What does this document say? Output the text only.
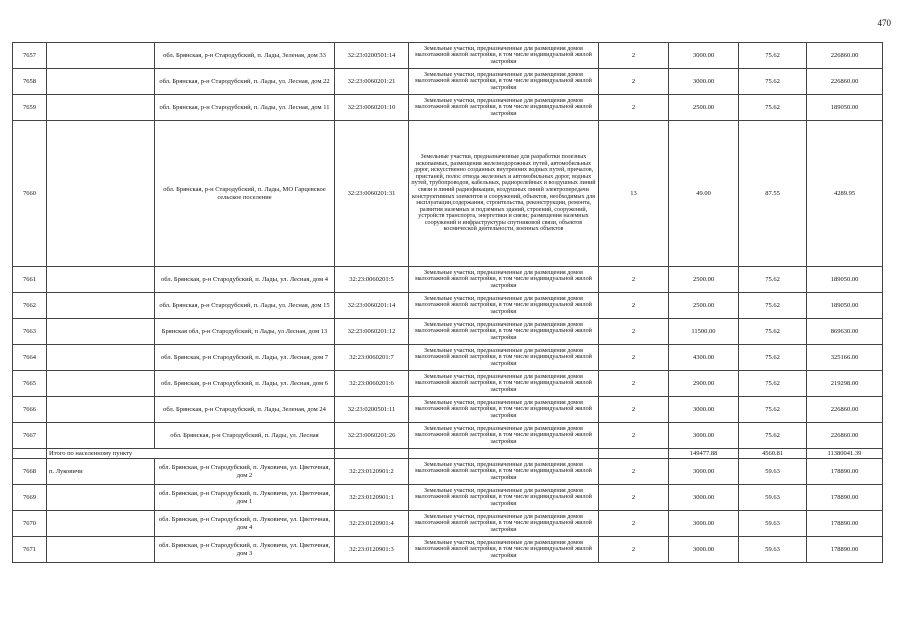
470
7657		обл. Брянская, р-н Стародубский, п. Лады, Зеленая, дом 33	32:23:0200501:14	Земельные участки, предназначенные для размещения домов малоэтажной жилой застройки, в том числе индивидуальной жилой застройки	2	3000.00	75.62	226860.00
7658		обл. Брянская, р-н Стародубский, п. Лады, ул. Лесная, дом 22	32:23:0060201:21	Земельные участки, предназначенные для размещения домов малоэтажной жилой застройки, в том числе индивидуальной жилой застройки	2	3000.00	75.62	226860.00
7659		обл. Брянская, р-н Стародубский, п. Лады, ул. Лесная, дом 11	32:23:0060201:10	Земельные участки, предназначенные для размещения домов малоэтажной жилой застройки, в том числе индивидуальной жилой застройки	2	2500.00	75.62	189050.00
7660		обл. Брянская, р-н Стародубский, п. Лады, МО Гарцевское сельское поселение	32:23:0060201:31	Земельные участки, предназначенные для разработки полезных ископаемых, размещения железнодорожных путей, автомобильных дорог, искусственно созданных внутренних водных путей, причалов, пристаней, полос отвода железных и автомобильных дорог, водных путей, трубопроводов, кабельных, радиорелейных и воздушных линий связи и линий радиофикации, воздушных линий электропередачи конструктивных элементов и сооружений, объектов, необходимых для эксплуатации,содержания, строительства, реконструкции, ремонта, развития наземных и подземных зданий, строений, сооружений, устройств транспорта, энергетики и связи; размещения наземных сооружений и инфраструктуры спутниковой связи, объектов космической деятельности, военных объектов	13	49.00	87.55	4289.95
7661		обл. Брянская, р-н Стародубский, п. Лады, ул. Лесная, дом 4	32:23:0060201:5	Земельные участки, предназначенные для размещения домов малоэтажной жилой застройки, в том числе индивидуальной жилой застройки	2	2500.00	75.62	189050.00
7662		обл. Брянская, р-н Стародубский, п. Лады, ул. Лесная, дом 15	32:23:0060201:14	Земельные участки, предназначенные для размещения домов малоэтажной жилой застройки, в том числе индивидуальной жилой застройки	2	2500.00	75.62	189050.00
7663		Брянская обл, р-н Стародубский, п Лады, ул Лесная, дом 13	32:23:0060201:12	Земельные участки, предназначенные для размещения домов малоэтажной жилой застройки, в том числе индивидуальной жилой застройки	2	11500.00	75.62	869630.00
7664		обл. Брянская, р-н Стародубский, п. Лады, ул. Лесная, дом 7	32:23:0060201:7	Земельные участки, предназначенные для размещения домов малоэтажной жилой застройки, в том числе индивидуальной жилой застройки	2	4300.00	75.62	325166.00
7665		обл. Брянская, р-н Стародубский, п. Лады, ул. Лесная, дом 6	32:23:0060201:6	Земельные участки, предназначенные для размещения домов малоэтажной жилой застройки, в том числе индивидуальной жилой застройки	2	2900.00	75.62	219298.00
7666		обл. Брянская, р-н Стародубский, п. Лады, Зеленая, дом 24	32:23:0200501:11	Земельные участки, предназначенные для размещения домов малоэтажной жилой застройки, в том числе индивидуальной жилой застройки	2	3000.00	75.62	226860.00
7667		обл. Брянская, р-н Стародубский, п. Лады, ул. Лесная	32:23:0060201:26	Земельные участки, предназначенные для размещения домов малоэтажной жилой застройки, в том числе индивидуальной жилой застройки	2	3000.00	75.62	226860.00
	Итого по населенному пункту					149477.88	4560.81	11380041.39
7668	п. Луковичи	обл. Брянская, р-н Стародубский, п. Луковичи, ул. Цветочная, дом 2	32:23:0120901:2	Земельные участки, предназначенные для размещения домов малоэтажной жилой застройки, в том числе индивидуальной жилой застройки	2	3000.00	59.63	178890.00
7669		обл. Брянская, р-н Стародубский, п. Луковичи, ул. Цветочная, дом 1	32:23:0120901:1	Земельные участки, предназначенные для размещения домов малоэтажной жилой застройки, в том числе индивидуальной жилой застройки	2	3000.00	59.63	178890.00
7670		обл. Брянская, р-н Стародубский, п. Луковичи, ул. Цветочная, дом 4	32:23:0120901:4	Земельные участки, предназначенные для размещения домов малоэтажной жилой застройки, в том числе индивидуальной жилой застройки	2	3000.00	59.63	178890.00
7671		обл. Брянская, р-н Стародубский, п. Луковичи, ул. Цветочная, дом 3	32:23:0120901:3	Земельные участки, предназначенные для размещения домов малоэтажной жилой застройки, в том числе индивидуальной жилой застройки	2	3000.00	59.63	178890.00
